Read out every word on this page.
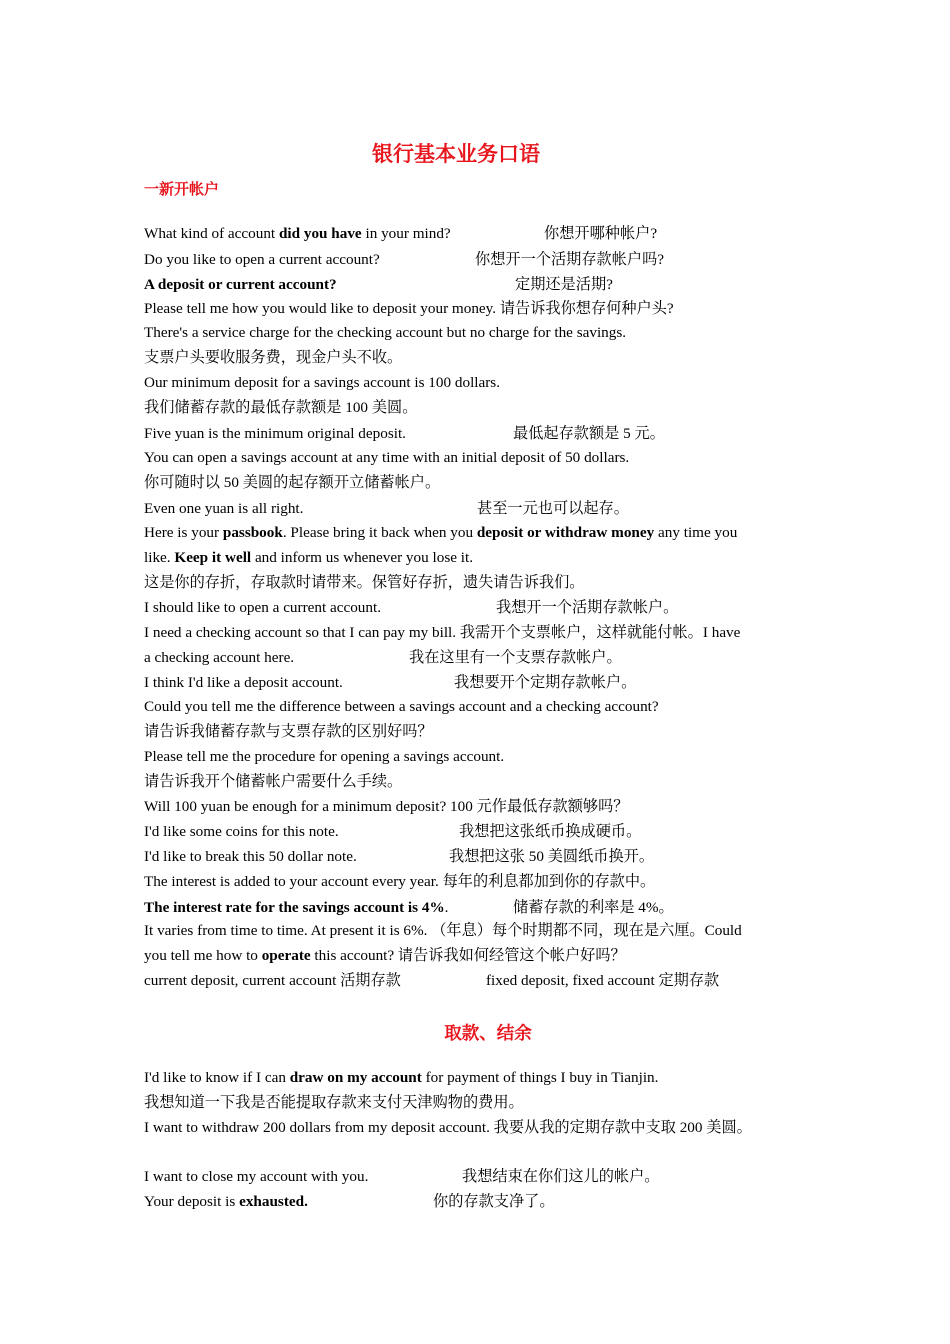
银行基本业务口语
一新开帐户
What kind of account did you have in your mind?	你想开哪种帐户?
Do you like to open a current account?	你想开一个活期存款帐户吗?
A deposit or current account?	定期还是活期?
Please tell me how you would like to deposit your money. 请告诉我你想存何种户头?
There's a service charge for the checking account but no charge for the savings.
支票户头要收服务费，现金户头不收。
Our minimum deposit for a savings account is 100 dollars.
我们储蓄存款的最低存款额是 100 美圆。
Five yuan is the minimum original deposit.	最低起存款额是 5 元。
You can open a savings account at any time with an initial deposit of 50 dollars.
你可随时以 50 美圆的起存额开立储蓄帐户。
Even one yuan is all right.	甚至一元也可以起存。
Here is your passbook. Please bring it back when you deposit or withdraw money any time you
like. Keep it well and inform us whenever you lose it.
这是你的存折，存取款时请带来。保管好存折，遗失请告诉我们。
I should like to open a current account.	我想开一个活期存款帐户。
I need a checking account so that I can pay my bill. 我需开个支票帐户，这样就能付帐。I have
a checking account here.	我在这里有一个支票存款帐户。
I think I'd like a deposit account.	我想要开个定期存款帐户。
Could you tell me the difference between a savings account and a checking account?
请告诉我储蓄存款与支票存款的区别好吗？
Please tell me the procedure for opening a savings account.
请告诉我开个储蓄帐户需要什么手续。
Will 100 yuan be enough for a minimum deposit? 100 元作最低存款额够吗？
I'd like some coins for this note.	我想把这张纸币换成硬币。
I'd like to break this 50 dollar note.	我想把这张 50 美圆纸币换开。
The interest is added to your account every year. 每年的利息都加到你的存款中。
The interest rate for the savings account is 4%.	储蓄存款的利率是 4%。
It varies from time to time. At present it is 6%. （年息）每个时期都不同，现在是六厘。Could
you tell me how to operate this account? 请告诉我如何经管这个帐户好吗？
current deposit, current account 活期存款	fixed deposit, fixed account 定期存款
取款、结余
I'd like to know if I can draw on my account for payment of things I buy in Tianjin.
我想知道一下我是否能提取存款来支付天津购物的费用。
I want to withdraw 200 dollars from my deposit account. 我要从我的定期存款中支取 200 美圆。
I want to close my account with you.	我想结束在你们这儿的帐户。
Your deposit is exhausted.	你的存款支净了。
